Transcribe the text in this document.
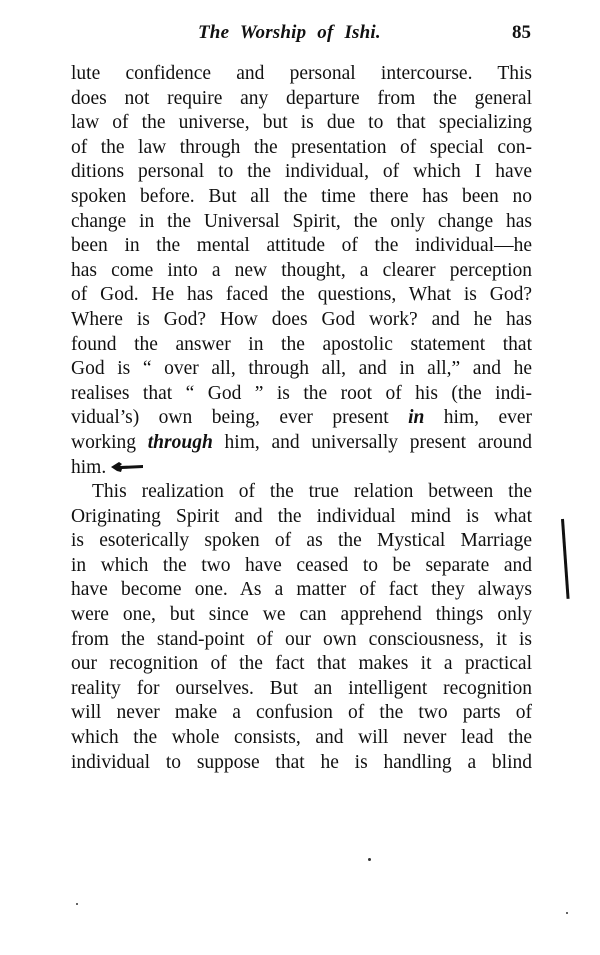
The Worship of Ishi.	85
lute confidence and personal intercourse. This
does not require any departure from the general
law of the universe, but is due to that specializing
of the law through the presentation of special con-
ditions personal to the individual, of which I have
spoken before. But all the time there has been no
change in the Universal Spirit, the only change has
been in the mental attitude of the individual—he
has come into a new thought, a clearer perception
of God. He has faced the questions, What is God?
Where is God? How does God work? and he has
found the answer in the apostolic statement that
God is “ over all, through all, and in all,” and he
realises that “ God ” is the root of his (the indi-
vidual’s) own being, ever present in him, ever
working through him, and universally present around
him.
This realization of the true relation between the
Originating Spirit and the individual mind is what
is esoterically spoken of as the Mystical Marriage
in which the two have ceased to be separate and
have become one. As a matter of fact they always
were one, but since we can apprehend things only
from the stand-point of our own consciousness, it is
our recognition of the fact that makes it a practical
reality for ourselves. But an intelligent recognition
will never make a confusion of the two parts of
which the whole consists, and will never lead the
individual to suppose that he is handling a blind
